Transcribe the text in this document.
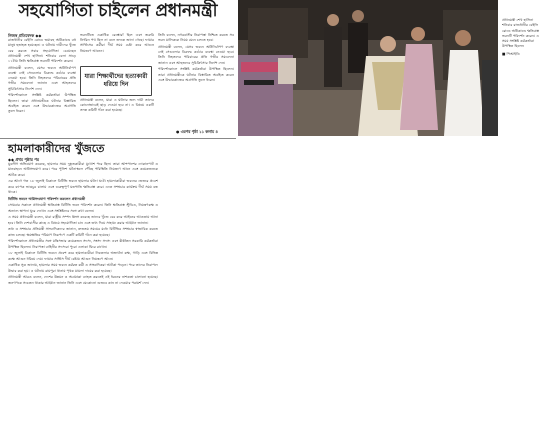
সহযোগিতা চাইলেন প্রধানমন্ত্রী
নিজস্ব প্রতিবেদক ◆◆

রাজধানীর বেইলি রোডে ভয়াবহ অগ্নিকাণ্ডে বহু মানুষ হতাহত হয়েছেন। এ ঘটনায় দায়ীদের খুঁজে বের করতে সবার সহযোগিতা চেয়েছেন প্রধানমন্ত্রী শেখ হাসিনা। শনিবার বেলা সাড়ে ১১টায় তিনি ক্ষতিগ্রস্ত ভবনটি পরিদর্শন করেন।

প্রধানমন্ত্রী বলেন, যেসব ভবনে অগ্নিনির্বাপণ ব্যবস্থা নেই সেগুলোর বিরুদ্ধে কঠোর ব্যবস্থা নেওয়া হবে। তিনি নিহতদের পরিবারের প্রতি গভীর সমবেদনা জানান এবং আহতদের সুচিকিৎসার নির্দেশ দেন।

পরিদর্শনকালে সংশ্লিষ্ট কর্মকর্তারা উপস্থিত ছিলেন। তারা প্রধানমন্ত্রীকে ঘটনার বিস্তারিত অবহিত করেন এবং উদ্ধারকাজের অগ্রগতি তুলে ধরেন।

ভবনটিতে একাধিক রেস্তোরাঁ ছিল এবং জরুরি নির্গমন পথ ছিল না বলে তদন্তে জানা গেছে। ফায়ার সার্ভিসের কর্মীরা দীর্ঘ সময় চেষ্টা করে আগুন নিয়ন্ত্রণে আনেন।

যারা শিক্ষার্থীদের হত্যাকারী ধরিয়ে দিন

প্রধানমন্ত্রী বলেন, যারা এ ঘটনার জন্য দায়ী তাদের কোনোভাবেই ছাড় দেওয়া হবে না। এ বিষয়ে একটি তদন্ত কমিটি গঠন করা হয়েছে।

তিনি বলেন, নগরবাসীর নিরাপত্তা নিশ্চিত করতে সব ভবন মালিককে নিয়ম মেনে চলতে হবে।

প্রধানমন্ত্রী বলেন, যেসব ভবনে অগ্নিনির্বাপণ ব্যবস্থা নেই সেগুলোর বিরুদ্ধে কঠোর ব্যবস্থা নেওয়া হবে। তিনি নিহতদের পরিবারের প্রতি গভীর সমবেদনা জানান এবং আহতদের সুচিকিৎসার নির্দেশ দেন।

পরিদর্শনকালে সংশ্লিষ্ট কর্মকর্তারা উপস্থিত ছিলেন। তারা প্রধানমন্ত্রীকে ঘটনার বিস্তারিত অবহিত করেন এবং উদ্ধারকাজের অগ্রগতি তুলে ধরেন।

● এরপর পৃষ্ঠা ১১ কলাম ৪

প্রধানমন্ত্রী শেখ হাসিনা শনিবার রাজধানীর বেইলি রোডে অগ্নিকাণ্ডে ক্ষতিগ্রস্ত ভবনটি পরিদর্শন করেন। এ সময় সংশ্লিষ্ট কর্মকর্তারা উপস্থিত ছিলেন

■ পিআইডি

হামলাকারীদের খুঁজতে
◆◆ প্রথম পৃষ্ঠার পর

যুবলীগ অভিযোগ করেছে, হামলার সময় দুষ্কৃতকারীরা মুখোশ পরে ছিল। তারা আশপাশের দোকানপাট ও যানবাহনে অগ্নিসংযোগ করে। পরে পুলিশ ঘটনাস্থলে পৌঁছে পরিস্থিতি নিয়ন্ত্রণে আনে এবং কয়েকজনকে আটক করে।

এর আগে গত ১৮ জুলাই বিকালে বিটিভি ভবনে হামলার ঘটনা ঘটে। হামলাকারীরা ভবনের ভেতরে প্রবেশ করে ব্যাপক ভাঙচুর চালায় এবং গুরুত্বপূর্ণ যন্ত্রপাতি ক্ষতিগ্রস্ত করে। এতে সম্প্রচার কার্যক্রম দীর্ঘ সময় বন্ধ থাকে।

বিটিভি ভবনে অগ্নিসংযোগ পরিদর্শন করলেন প্রধানমন্ত্রী

সোমবার সকালে প্রধানমন্ত্রী ক্ষতিগ্রস্ত বিটিভি ভবন পরিদর্শন করেন। তিনি ক্ষতিগ্রস্ত স্টুডিও, নিয়ন্ত্রণকক্ষ ও অন্যান্য স্থাপনা ঘুরে দেখেন এবং সংশ্লিষ্টদের সঙ্গে কথা বলেন।

এ সময় প্রধানমন্ত্রী বলেন, যারা রাষ্ট্রীয় সম্পদ ধ্বংস করেছে তাদের খুঁজে বের করে আইনের আওতায় আনা হবে। তিনি দেশবাসীর কাছে এ বিষয়ে সহযোগিতা চান এবং তথ্য দিয়ে সাহায্য করার আহ্বান জানান।

তথ্য ও সম্প্রচার প্রতিমন্ত্রী সাংবাদিকদের জানান, দ্রুততম সময়ের মধ্যে বিটিভির সম্প্রচার স্বাভাবিক করতে কাজ চলছে। ক্ষয়ক্ষতির পরিমাণ নিরূপণে একটি কমিটি গঠন করা হয়েছে।

পরিদর্শনকালে প্রধানমন্ত্রীর সঙ্গে মন্ত্রিসভার কয়েকজন সদস্য, সংসদ সদস্য এবং ঊর্ধ্বতন সরকারি কর্মকর্তারা উপস্থিত ছিলেন। নিরাপত্তা বাহিনীর সদস্যরা পুরো এলাকা ঘিরে রাখেন।

১৮ জুলাই বিকালে বিটিভি ভবনে প্রবেশ করে হামলাকারীরা নিচতলার অভ্যর্থনা কক্ষ, গাড়ি এবং বিভিন্ন কক্ষে আগুন ধরিয়ে দেয়। ফায়ার সার্ভিস দীর্ঘ চেষ্টায় আগুন নিয়ন্ত্রণে আনে।

একাধিক সূত্র জানায়, হামলার সময় ভবনে কর্মরত কর্মী ও সাংবাদিকরা আটকা পড়েন। পরে তাদের নিরাপদে উদ্ধার করা হয়। এ ঘটনায় রামপুরা থানায় পৃথক মামলা দায়ের করা হয়েছে।

প্রধানমন্ত্রী আরও বলেন, দেশের উন্নয়ন ও অগ্রযাত্রা ব্যাহত করতেই এই ধরনের নাশকতা চালানো হয়েছে। জনগণকে সচেতন থাকার আহ্বান জানান তিনি এবং যেকোনো গুজবে কান না দেওয়ার পরামর্শ দেন।
